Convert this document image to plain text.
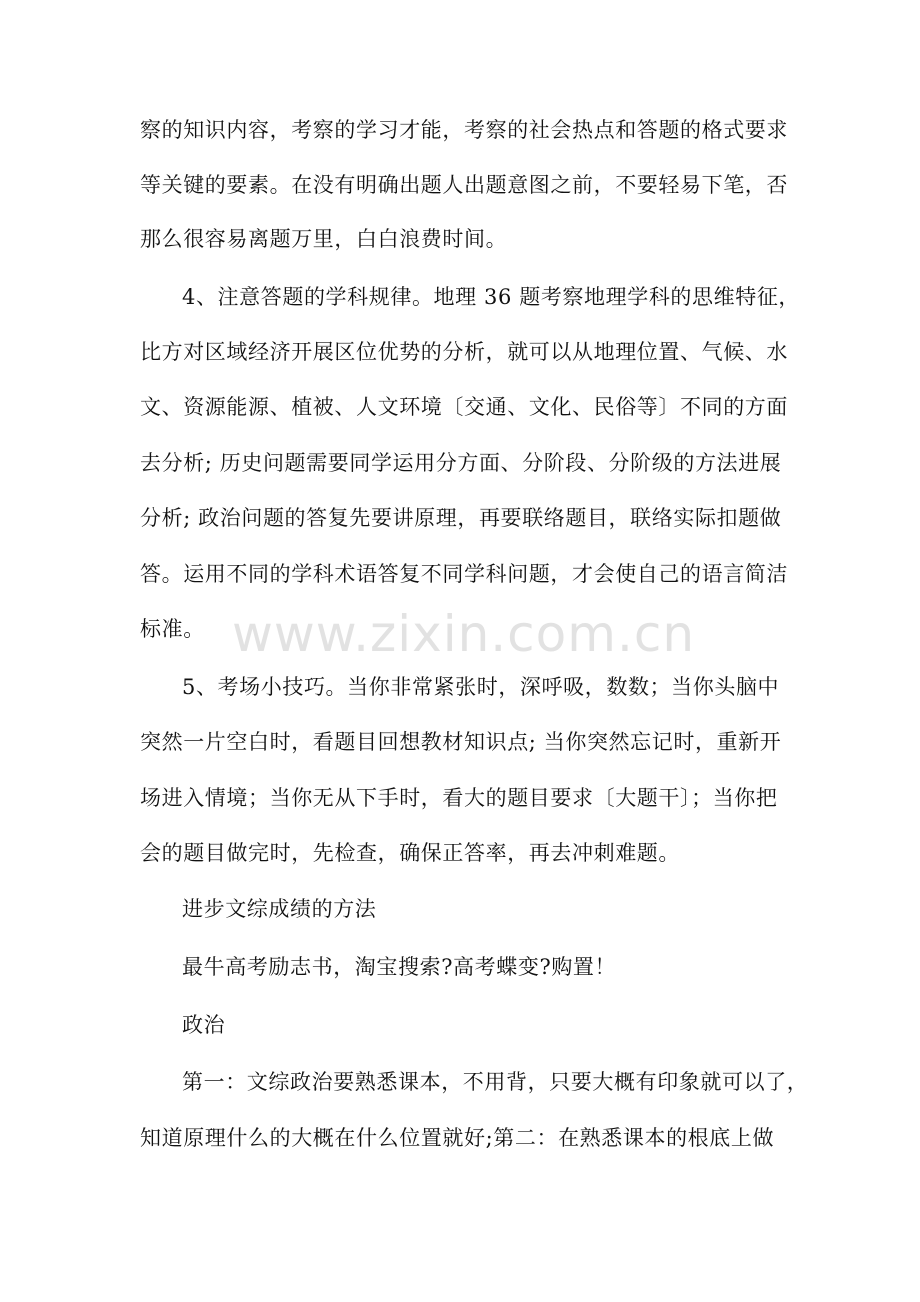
www.zixin.com.cn
察的知识内容，考察的学习才能，考察的社会热点和答题的格式要求
等关键的要素。在没有明确出题人出题意图之前，不要轻易下笔，否
那么很容易离题万里，白白浪费时间。
4、注意答题的学科规律。地理 36 题考察地理学科的思维特征，
比方对区域经济开展区位优势的分析，就可以从地理位置、气候、水
文、资源能源、植被、人文环境〔交通、文化、民俗等〕不同的方面
去分析; 历史问题需要同学运用分方面、分阶段、分阶级的方法进展
分析; 政治问题的答复先要讲原理，再要联络题目，联络实际扣题做
答。运用不同的学科术语答复不同学科问题，才会使自己的语言简洁
标准。
5、考场小技巧。当你非常紧张时，深呼吸，数数；当你头脑中
突然一片空白时，看题目回想教材知识点; 当你突然忘记时，重新开
场进入情境；当你无从下手时，看大的题目要求〔大题干〕；当你把
会的题目做完时，先检查，确保正答率，再去冲刺难题。
进步文综成绩的方法
最牛高考励志书，淘宝搜索?高考蝶变?购置！
政治
第一：文综政治要熟悉课本，不用背，只要大概有印象就可以了，
知道原理什么的大概在什么位置就好;第二：在熟悉课本的根底上做
